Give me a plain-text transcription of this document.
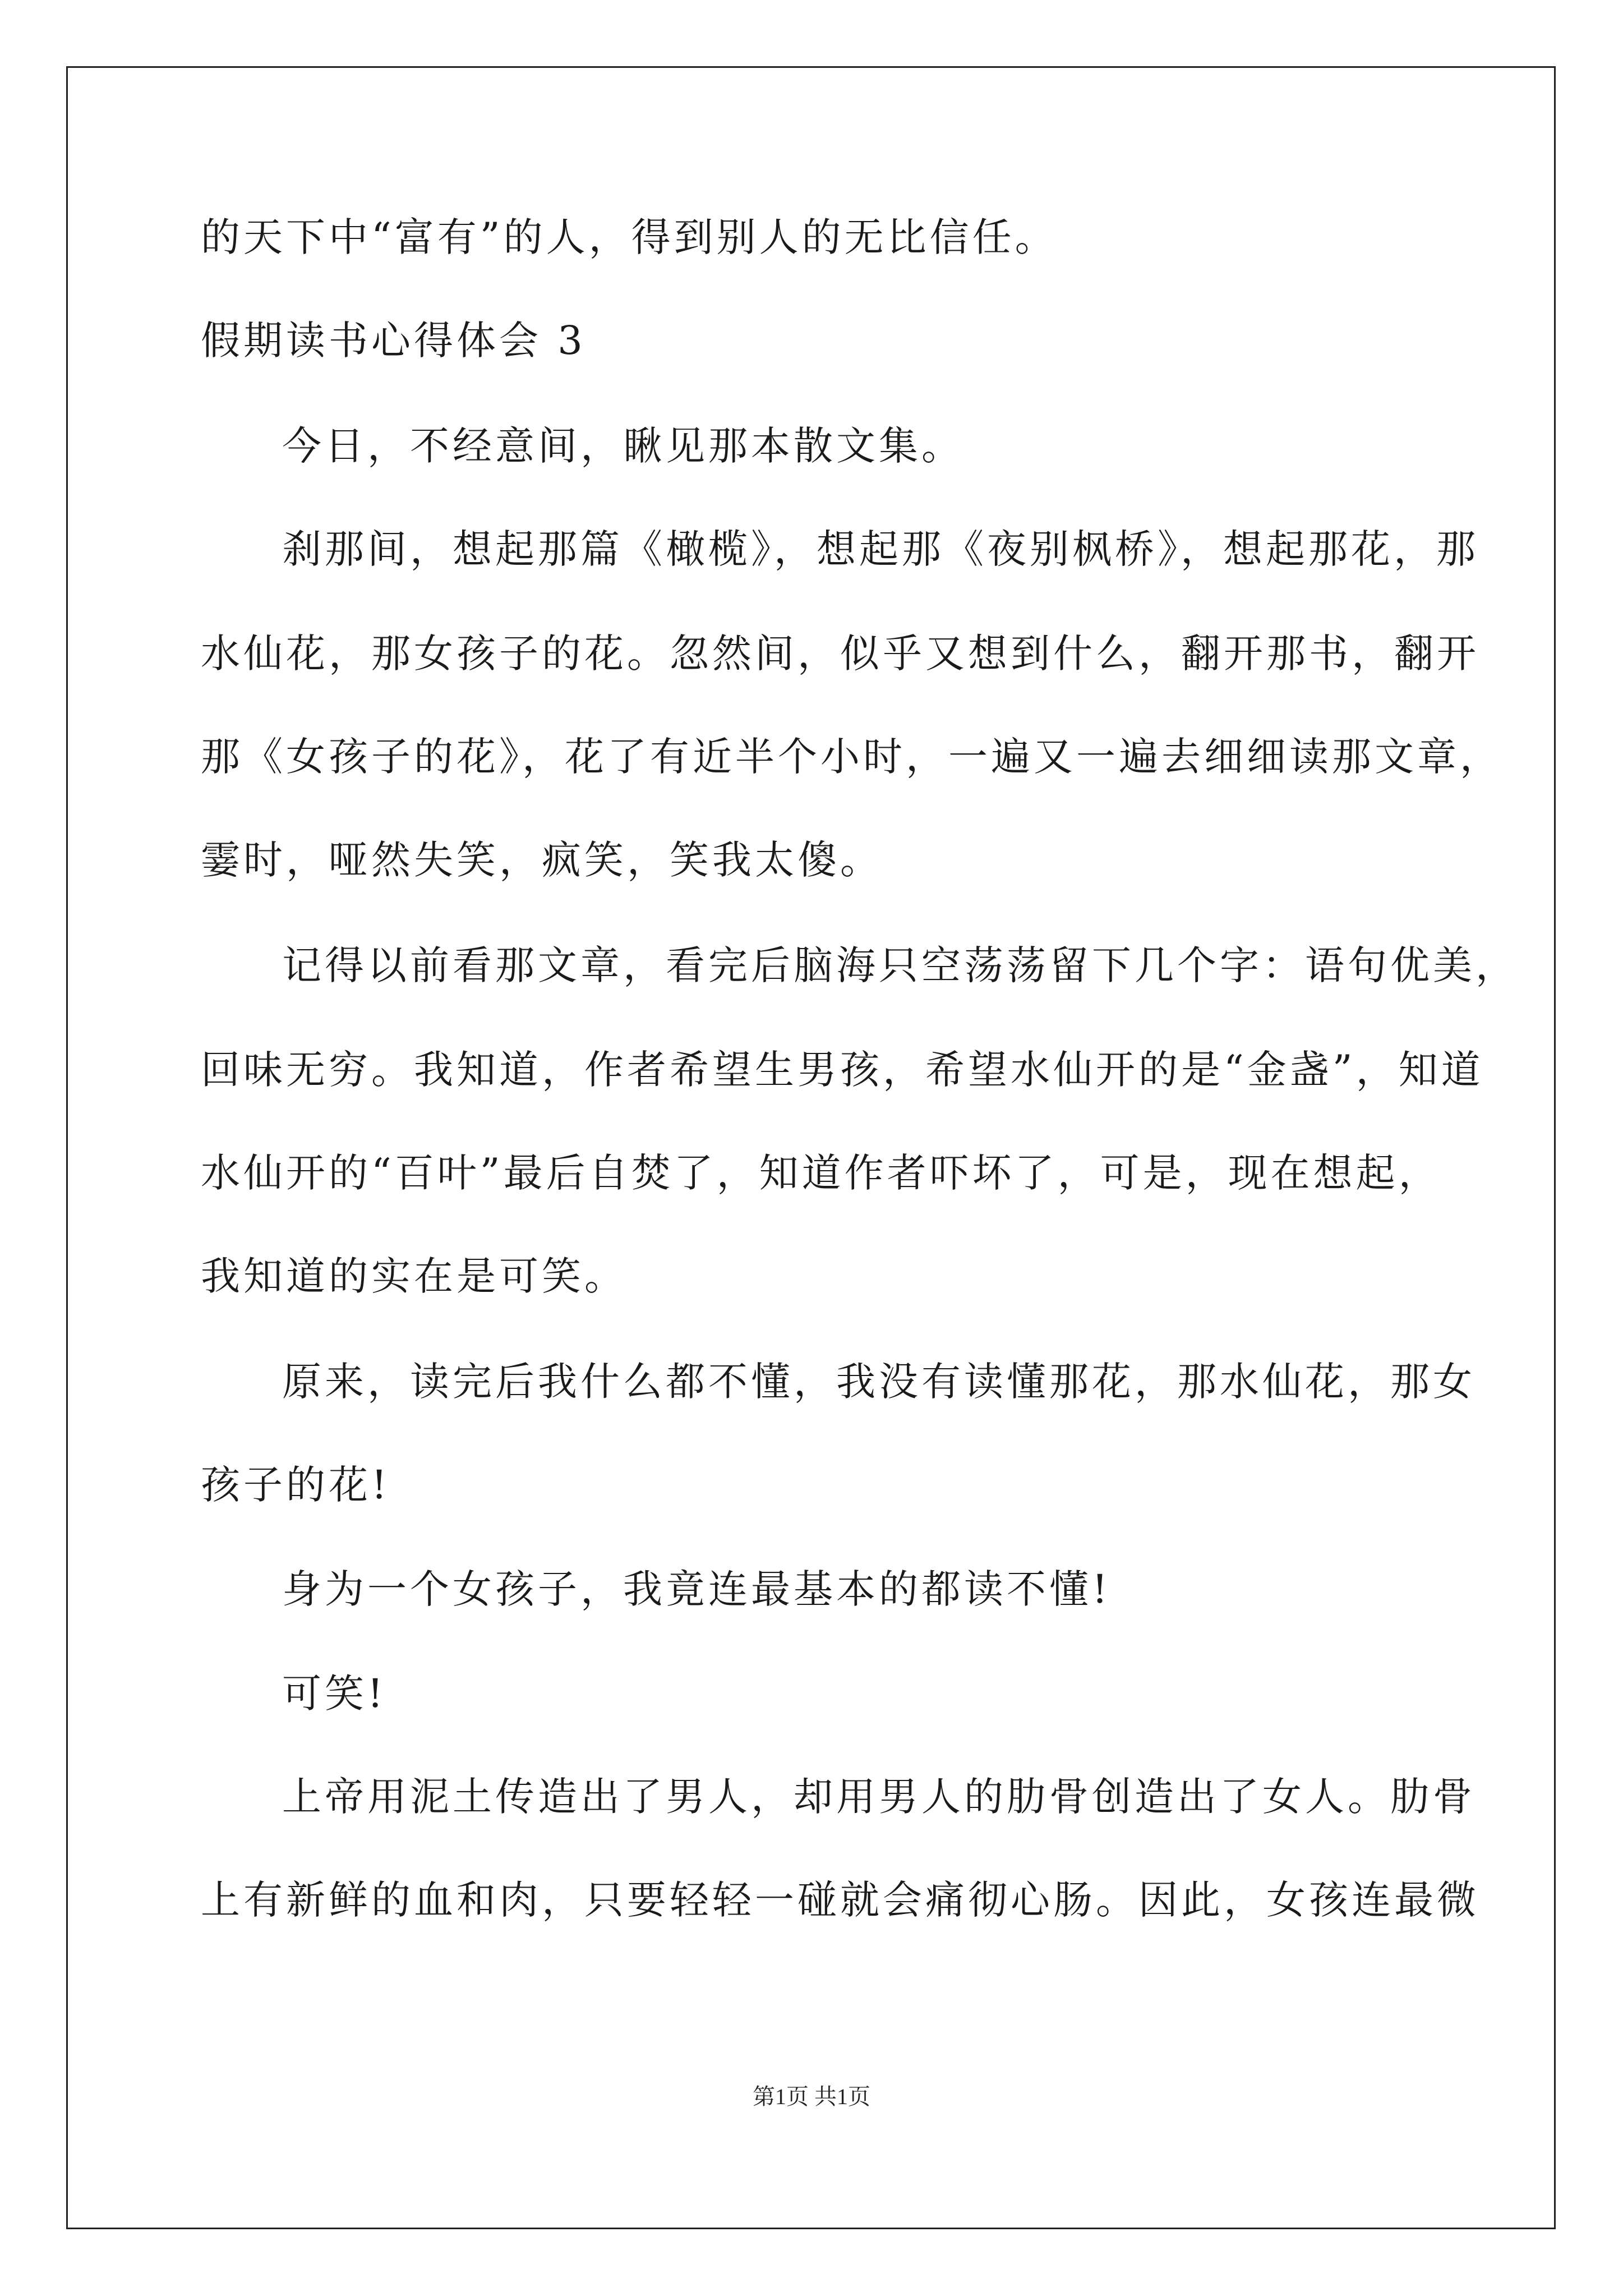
的天下中“富有”的人，得到别人的无比信任。
假期读书心得体会 3
今日，不经意间，瞅见那本散文集。
刹那间，想起那篇《橄榄》，想起那《夜别枫桥》，想起那花，那
水仙花，那女孩子的花。忽然间，似乎又想到什么，翻开那书，翻开
那《女孩子的花》，花了有近半个小时，一遍又一遍去细细读那文章，
霎时，哑然失笑，疯笑，笑我太傻。
记得以前看那文章，看完后脑海只空荡荡留下几个字：语句优美，
回味无穷。我知道，作者希望生男孩，希望水仙开的是“金盏”，知道
水仙开的“百叶”最后自焚了，知道作者吓坏了，可是，现在想起，
我知道的实在是可笑。
原来，读完后我什么都不懂，我没有读懂那花，那水仙花，那女
孩子的花!
身为一个女孩子，我竟连最基本的都读不懂!
可笑!
上帝用泥土传造出了男人，却用男人的肋骨创造出了女人。肋骨
上有新鲜的血和肉，只要轻轻一碰就会痛彻心肠。因此，女孩连最微
第1页 共1页
